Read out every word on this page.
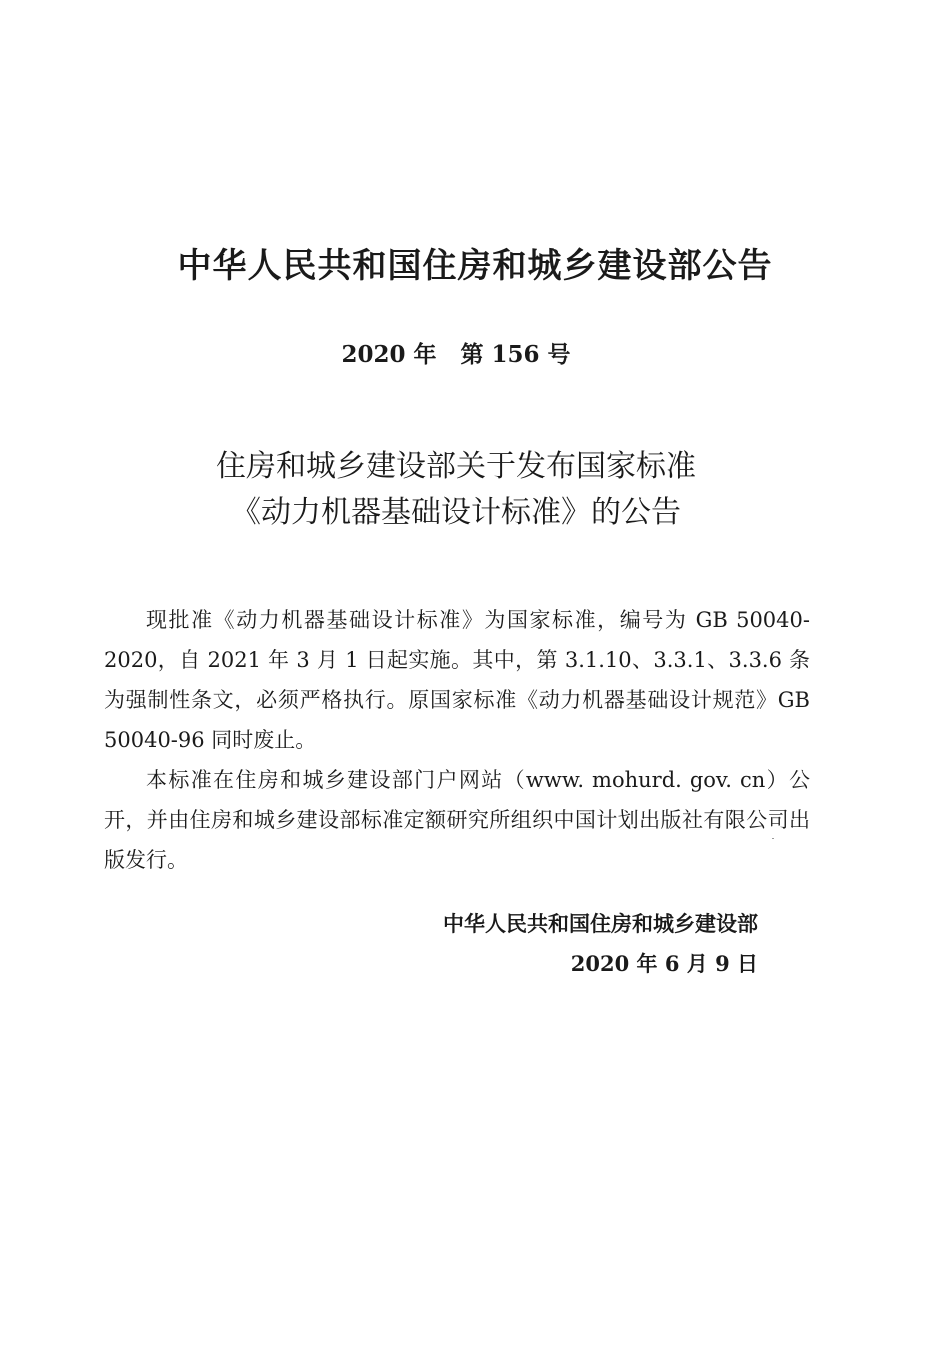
中华人民共和国住房和城乡建设部公告
2020 年   第 156 号
住房和城乡建设部关于发布国家标准
《动力机器基础设计标准》的公告

现批准《动力机器基础设计标准》为国家标准，编号为 GB 50040-2020，自 2021 年 3 月 1 日起实施。其中，第 3.1.10、3.3.1、3.3.6 条为强制性条文，必须严格执行。原国家标准《动力机器基础设计规范》GB 50040-96 同时废止。

本标准在住房和城乡建设部门户网站（www. mohurd. gov. cn）公开，并由住房和城乡建设部标准定额研究所组织中国计划出版社有限公司出版发行。

中华人民共和国住房和城乡建设部
2020 年 6 月 9 日
